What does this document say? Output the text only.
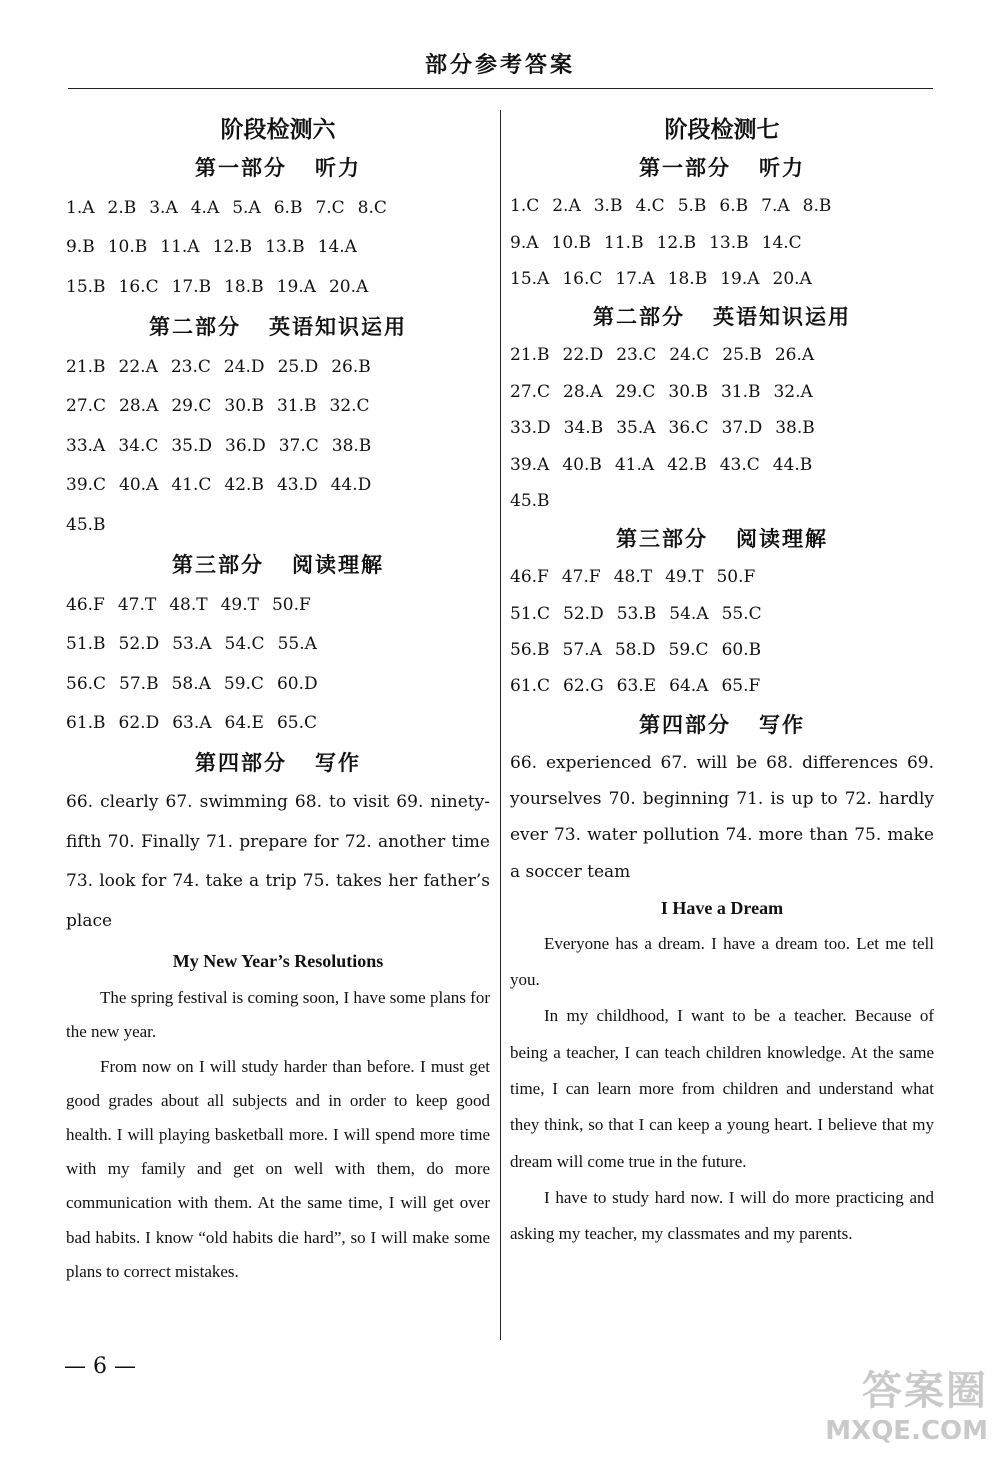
部分参考答案
阶段检测六
第一部分 听力
1.A 2.B 3.A 4.A 5.A 6.B 7.C 8.C
9.B 10.B 11.A 12.B 13.B 14.A
15.B 16.C 17.B 18.B 19.A 20.A
第二部分 英语知识运用
21.B 22.A 23.C 24.D 25.D 26.B
27.C 28.A 29.C 30.B 31.B 32.C
33.A 34.C 35.D 36.D 37.C 38.B
39.C 40.A 41.C 42.B 43.D 44.D
45.B
第三部分 阅读理解
46.F 47.T 48.T 49.T 50.F
51.B 52.D 53.A 54.C 55.A
56.C 57.B 58.A 59.C 60.D
61.B 62.D 63.A 64.E 65.C
第四部分 写作
66. clearly 67. swimming 68. to visit 69. ninety-fifth 70. Finally 71. prepare for 72. another time 73. look for 74. take a trip 75. takes her father’s place
My New Year’s Resolutions

The spring festival is coming soon, I have some plans for the new year.

From now on I will study harder than before. I must get good grades about all subjects and in order to keep good health. I will playing basketball more. I will spend more time with my family and get on well with them, do more communication with them. At the same time, I will get over bad habits. I know “old habits die hard”, so I will make some plans to correct mistakes.

阶段检测七
第一部分 听力
1.C 2.A 3.B 4.C 5.B 6.B 7.A 8.B
9.A 10.B 11.B 12.B 13.B 14.C
15.A 16.C 17.A 18.B 19.A 20.A
第二部分 英语知识运用
21.B 22.D 23.C 24.C 25.B 26.A
27.C 28.A 29.C 30.B 31.B 32.A
33.D 34.B 35.A 36.C 37.D 38.B
39.A 40.B 41.A 42.B 43.C 44.B
45.B
第三部分 阅读理解
46.F 47.F 48.T 49.T 50.F
51.C 52.D 53.B 54.A 55.C
56.B 57.A 58.D 59.C 60.B
61.C 62.G 63.E 64.A 65.F
第四部分 写作
66. experienced 67. will be 68. differences 69. yourselves 70. beginning 71. is up to 72. hardly ever 73. water pollution 74. more than 75. make a soccer team
I Have a Dream

Everyone has a dream. I have a dream too. Let me tell you.

In my childhood, I want to be a teacher. Because of being a teacher, I can teach children knowledge. At the same time, I can learn more from children and understand what they think, so that I can keep a young heart. I believe that my dream will come true in the future.

I have to study hard now. I will do more practicing and asking my teacher, my classmates and my parents.

— 6 —
答案圈
MXQE.COM
